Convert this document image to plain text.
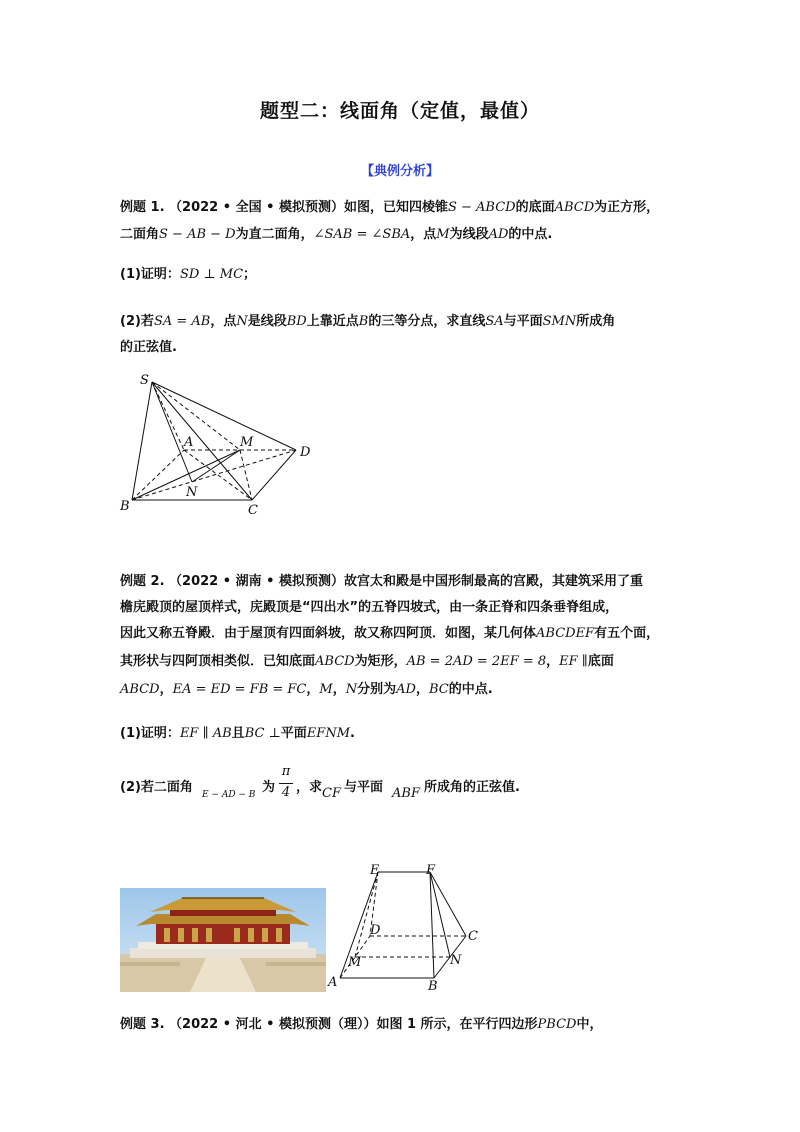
题型二：线面角（定值，最值）
【典例分析】
例题 1. （2022 • 全国 • 模拟预测）如图，已知四棱锥S − ABCD的底面ABCD为正方形，
二面角S − AB − D为直二面角，∠SAB = ∠SBA，点M为线段AD的中点.
(1)证明：SD ⊥ MC；
(2)若SA = AB，点N是线段BD上靠近点B的三等分点，求直线SA与平面SMN所成角
的正弦值.
S
A	M
D
N
B	C
例题 2. （2022 • 湖南 • 模拟预测）故宫太和殿是中国形制最高的宫殿，其建筑采用了重
檐庑殿顶的屋顶样式，庑殿顶是“四出水”的五脊四坡式，由一条正脊和四条垂脊组成，
因此又称五脊殿．由于屋顶有四面斜坡，故又称四阿顶．如图，某几何体ABCDEF有五个面，
其形状与四阿顶相类似．已知底面ABCD为矩形，AB = 2AD = 2EF = 8，EF ∥底面
ABCD，EA = ED = FB = FC，M，N分别为AD，BC的中点.
(1)证明：EF ∥ AB且BC ⊥平面EFNM.
(2)若二面角 E − AD − B 为
π
4 ，求 CF 与平面 ABF 所成角的正弦值.
E	F
D	C
M	N
A	B
例题 3. （2022 • 河北 • 模拟预测（理））如图 1 所示，在平行四边形PBCD中，
